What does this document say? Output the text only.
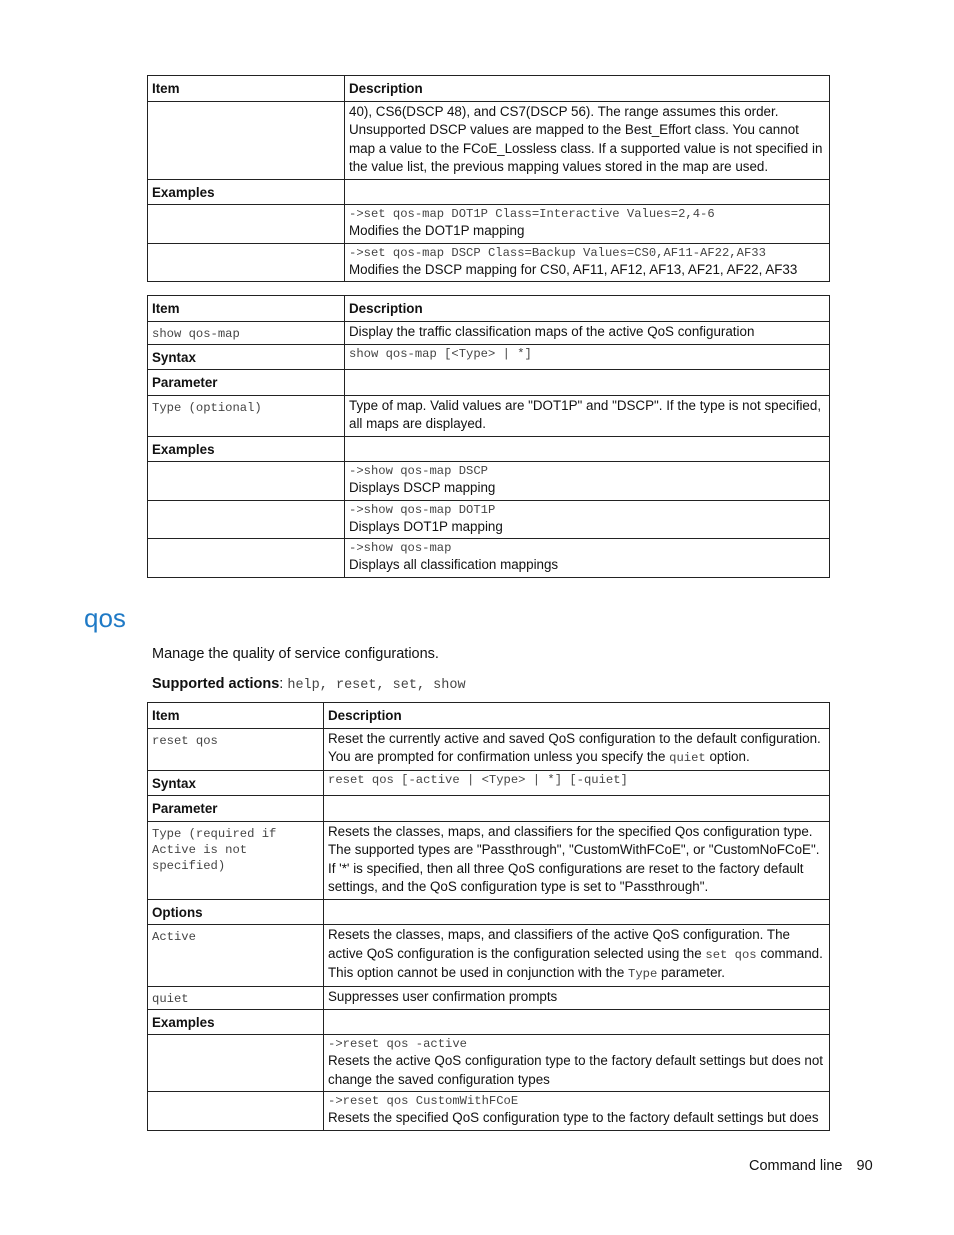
Item	Description
	40), CS6(DSCP 48), and CS7(DSCP 56). The range assumes this order. Unsupported DSCP values are mapped to the Best_Effort class. You cannot map a value to the FCoE_Lossless class. If a supported value is not specified in the value list, the previous mapping values stored in the map are used.
Examples	

	->set qos-map DOT1P Class=Interactive Values=2,4-6
Modifies the DOT1P mapping

	->set qos-map DSCP Class=Backup Values=CS0,AF11-AF22,AF33
Modifies the DSCP mapping for CS0, AF11, AF12, AF13, AF21, AF22, AF33
Item	Description
show qos-map	Display the traffic classification maps of the active QoS configuration
Syntax	show qos-map [<Type> | *]
Parameter	
Type (optional)	Type of map. Valid values are "DOT1P" and "DSCP". If the type is not specified, all maps are displayed.
Examples	

	->show qos-map DSCP
Displays DSCP mapping

	->show qos-map DOT1P
Displays DOT1P mapping

	->show qos-map
Displays all classification mappings
qos
Manage the quality of service configurations.
Supported actions: help, reset, set, show
Item	Description
reset qos	Reset the currently active and saved QoS configuration to the default configuration. You are prompted for confirmation unless you specify the quiet option.
Syntax	reset qos [-active | <Type> | *] [-quiet]
Parameter	
Type (required if Active is not specified)	Resets the classes, maps, and classifiers for the specified Qos configuration type. The supported types are "Passthrough", "CustomWithFCoE", or "CustomNoFCoE". If '*' is specified, then all three QoS configurations are reset to the factory default settings, and the QoS configuration type is set to "Passthrough".
Options	
Active	Resets the classes, maps, and classifiers of the active QoS configuration. The active QoS configuration is the configuration selected using the set qos command. This option cannot be used in conjunction with the Type parameter.
quiet	Suppresses user confirmation prompts
Examples	

	->reset qos -active
Resets the active QoS configuration type to the factory default settings but does not change the saved configuration types

	->reset qos CustomWithFCoE
Resets the specified QoS configuration type to the factory default settings but does
Command line 90
